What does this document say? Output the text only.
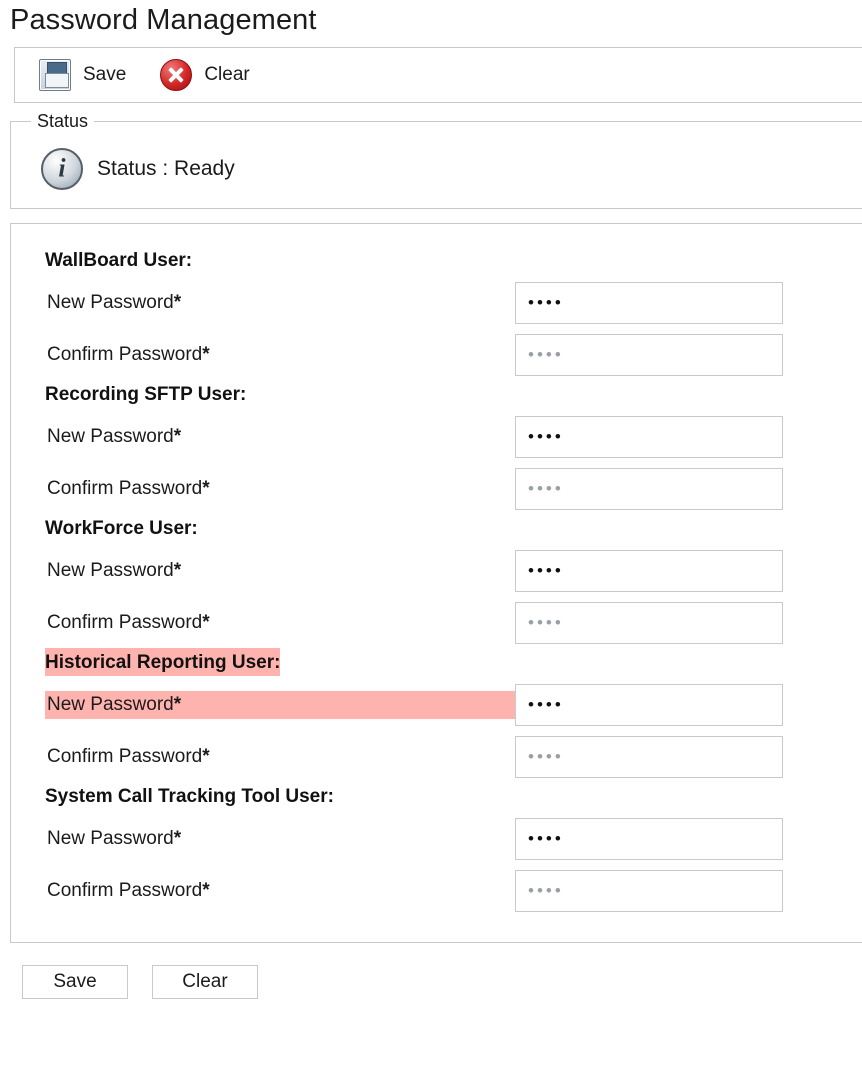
Password Management
Save	Clear
Status
i
Status : Ready
WallBoard User:
New Password*
••••
Confirm Password*
••••
Recording SFTP User:
New Password*
••••
Confirm Password*
••••
WorkForce User:
New Password*
••••
Confirm Password*
••••
Historical Reporting User:
New Password*
••••
Confirm Password*
••••
System Call Tracking Tool User:
New Password*
••••
Confirm Password*
••••
Save	Clear
